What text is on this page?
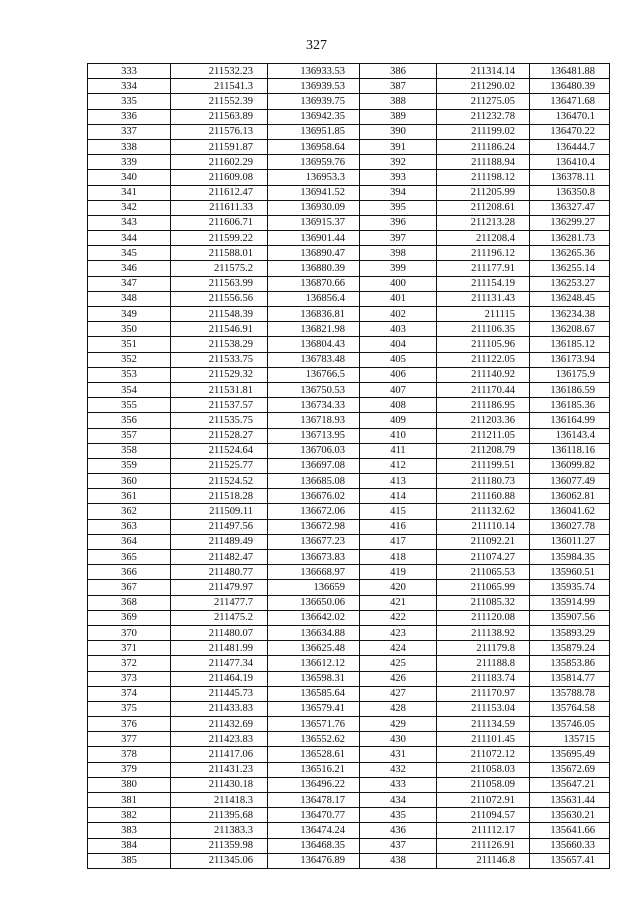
327
333	211532.23	136933.53	386	211314.14	136481.88
334	211541.3	136939.53	387	211290.02	136480.39
335	211552.39	136939.75	388	211275.05	136471.68
336	211563.89	136942.35	389	211232.78	136470.1
337	211576.13	136951.85	390	211199.02	136470.22
338	211591.87	136958.64	391	211186.24	136444.7
339	211602.29	136959.76	392	211188.94	136410.4
340	211609.08	136953.3	393	211198.12	136378.11
341	211612.47	136941.52	394	211205.99	136350.8
342	211611.33	136930.09	395	211208.61	136327.47
343	211606.71	136915.37	396	211213.28	136299.27
344	211599.22	136901.44	397	211208.4	136281.73
345	211588.01	136890.47	398	211196.12	136265.36
346	211575.2	136880.39	399	211177.91	136255.14
347	211563.99	136870.66	400	211154.19	136253.27
348	211556.56	136856.4	401	211131.43	136248.45
349	211548.39	136836.81	402	211115	136234.38
350	211546.91	136821.98	403	211106.35	136208.67
351	211538.29	136804.43	404	211105.96	136185.12
352	211533.75	136783.48	405	211122.05	136173.94
353	211529.32	136766.5	406	211140.92	136175.9
354	211531.81	136750.53	407	211170.44	136186.59
355	211537.57	136734.33	408	211186.95	136185.36
356	211535.75	136718.93	409	211203.36	136164.99
357	211528.27	136713.95	410	211211.05	136143.4
358	211524.64	136706.03	411	211208.79	136118.16
359	211525.77	136697.08	412	211199.51	136099.82
360	211524.52	136685.08	413	211180.73	136077.49
361	211518.28	136676.02	414	211160.88	136062.81
362	211509.11	136672.06	415	211132.62	136041.62
363	211497.56	136672.98	416	211110.14	136027.78
364	211489.49	136677.23	417	211092.21	136011.27
365	211482.47	136673.83	418	211074.27	135984.35
366	211480.77	136668.97	419	211065.53	135960.51
367	211479.97	136659	420	211065.99	135935.74
368	211477.7	136650.06	421	211085.32	135914.99
369	211475.2	136642.02	422	211120.08	135907.56
370	211480.07	136634.88	423	211138.92	135893.29
371	211481.99	136625.48	424	211179.8	135879.24
372	211477.34	136612.12	425	211188.8	135853.86
373	211464.19	136598.31	426	211183.74	135814.77
374	211445.73	136585.64	427	211170.97	135788.78
375	211433.83	136579.41	428	211153.04	135764.58
376	211432.69	136571.76	429	211134.59	135746.05
377	211423.83	136552.62	430	211101.45	135715
378	211417.06	136528.61	431	211072.12	135695.49
379	211431.23	136516.21	432	211058.03	135672.69
380	211430.18	136496.22	433	211058.09	135647.21
381	211418.3	136478.17	434	211072.91	135631.44
382	211395.68	136470.77	435	211094.57	135630.21
383	211383.3	136474.24	436	211112.17	135641.66
384	211359.98	136468.35	437	211126.91	135660.33
385	211345.06	136476.89	438	211146.8	135657.41
